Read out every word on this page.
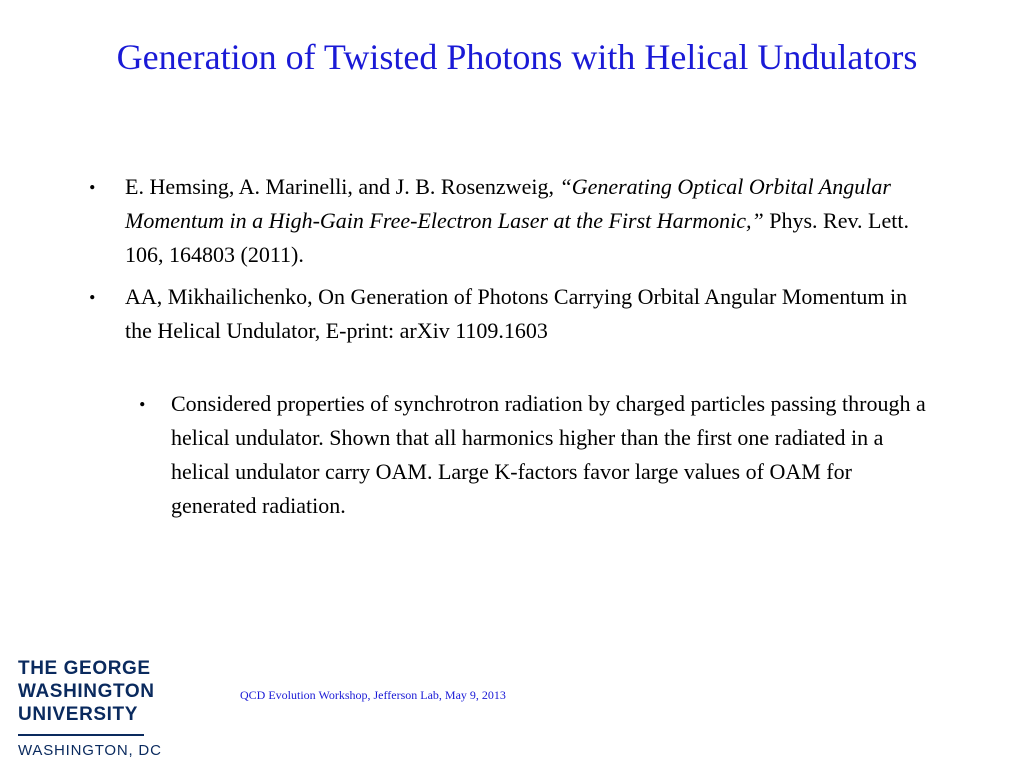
Generation of Twisted Photons with Helical Undulators
. E. Hemsing, A. Marinelli, and J. B. Rosenzweig, “Generating Optical Orbital Angular Momentum in a High-Gain Free-Electron Laser at the First Harmonic,” Phys. Rev. Lett. 106, 164803 (2011).
. AA, Mikhailichenko, On Generation of Photons Carrying Orbital Angular Momentum in the Helical Undulator, E-print: arXiv 1109.1603
. Considered properties of synchrotron radiation by charged particles passing through a helical undulator. Shown that all harmonics higher than the first one radiated in a helical undulator carry OAM. Large K-factors favor large values of OAM for generated radiation.
THE GEORGE
WASHINGTON
UNIVERSITY
WASHINGTON, DC
QCD Evolution Workshop, Jefferson Lab, May 9, 2013
